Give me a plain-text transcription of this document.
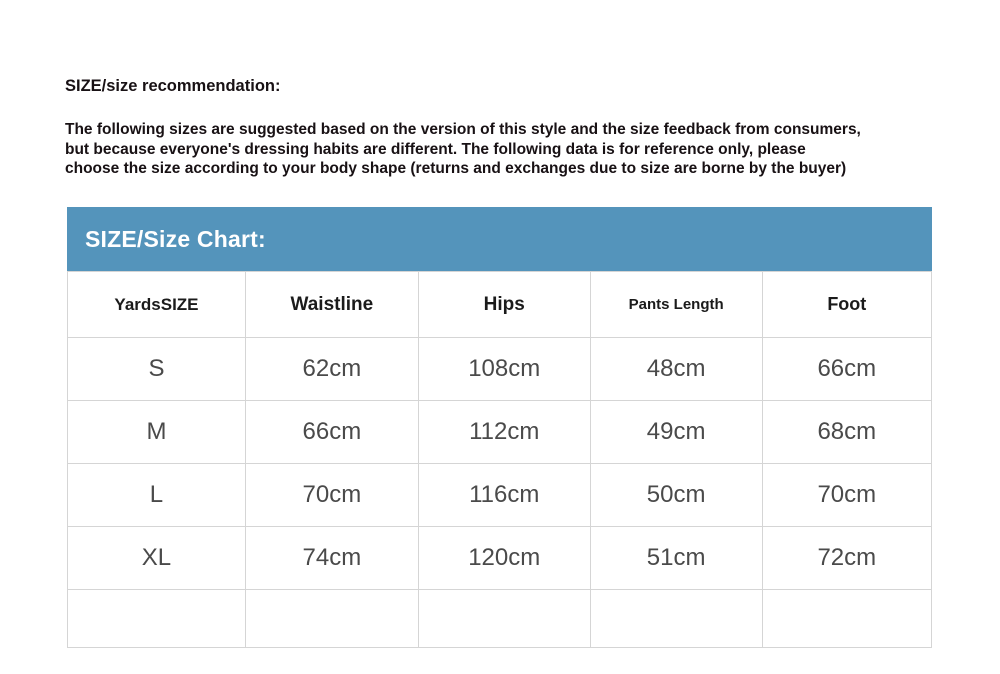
SIZE/size recommendation:
The following sizes are suggested based on the version of this style and the size feedback from consumers,
but because everyone's dressing habits are different. The following data is for reference only, please
choose the size according to your body shape (returns and exchanges due to size are borne by the buyer)
SIZE/Size Chart:
YardsSIZE	Waistline	Hips	Pants Length	Foot
S	62cm	108cm	48cm	66cm
M	66cm	112cm	49cm	68cm
L	70cm	116cm	50cm	70cm
XL	74cm	120cm	51cm	72cm
